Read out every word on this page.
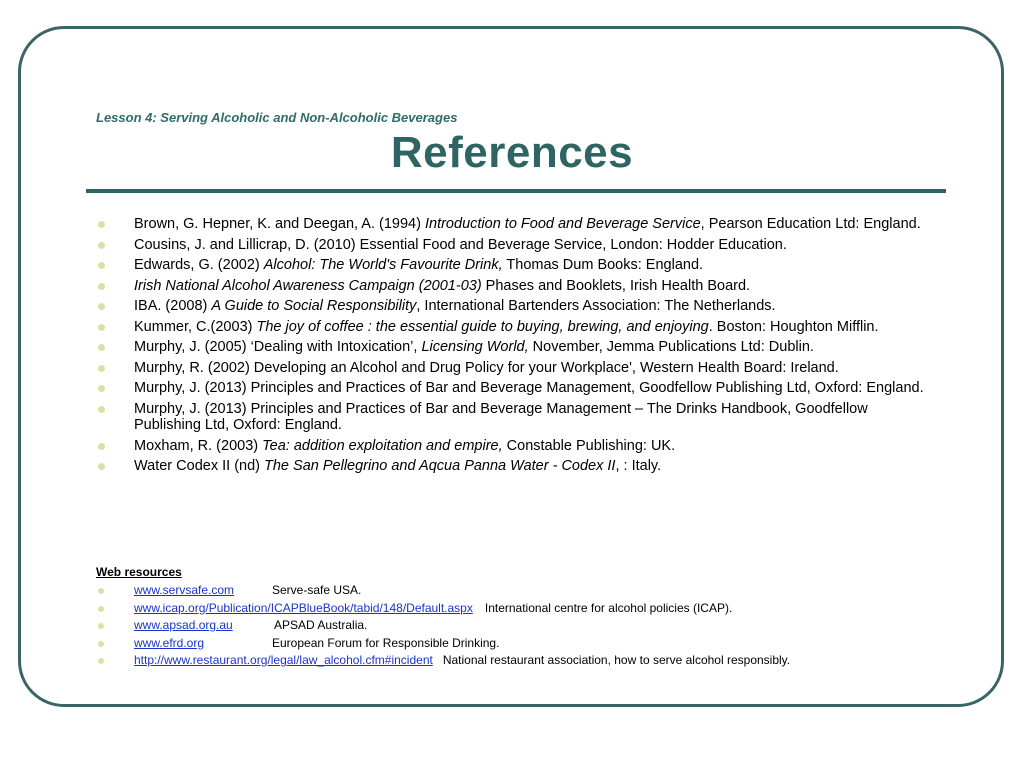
Lesson 4: Serving Alcoholic and Non-Alcoholic Beverages
References
Brown, G. Hepner, K. and Deegan, A. (1994) Introduction to Food and Beverage Service, Pearson Education Ltd: England.
Cousins, J. and Lillicrap, D. (2010) Essential Food and Beverage Service, London: Hodder Education.
Edwards, G. (2002) Alcohol: The World's Favourite Drink, Thomas Dum Books: England.
Irish National Alcohol Awareness Campaign (2001-03) Phases and Booklets, Irish Health Board.
IBA. (2008) A Guide to Social Responsibility, International Bartenders Association: The Netherlands.
Kummer, C.(2003) The joy of coffee : the essential guide to buying, brewing, and enjoying. Boston: Houghton Mifflin.
Murphy, J. (2005) ‘Dealing with Intoxication’, Licensing World, November, Jemma Publications Ltd: Dublin.
Murphy, R. (2002) Developing an Alcohol and Drug Policy for your Workplace', Western Health Board: Ireland.
Murphy, J. (2013) Principles and Practices of Bar and Beverage Management, Goodfellow Publishing Ltd, Oxford: England.
Murphy, J. (2013) Principles and Practices of Bar and Beverage Management – The Drinks Handbook, Goodfellow Publishing Ltd, Oxford: England.
Moxham, R. (2003) Tea: addition exploitation and empire, Constable Publishing: UK.
Water Codex II (nd) The San Pellegrino and Aqcua Panna Water - Codex II, : Italy.
Web resources
www.servsafe.com	Serve-safe USA.
www.icap.org/Publication/ICAPBlueBook/tabid/148/Default.aspx International centre for alcohol policies (ICAP).
www.apsad.org.au	APSAD Australia.
www.efrd.org	European Forum for Responsible Drinking.
http://www.restaurant.org/legal/law_alcohol.cfm#incident National restaurant association, how to serve alcohol responsibly.
